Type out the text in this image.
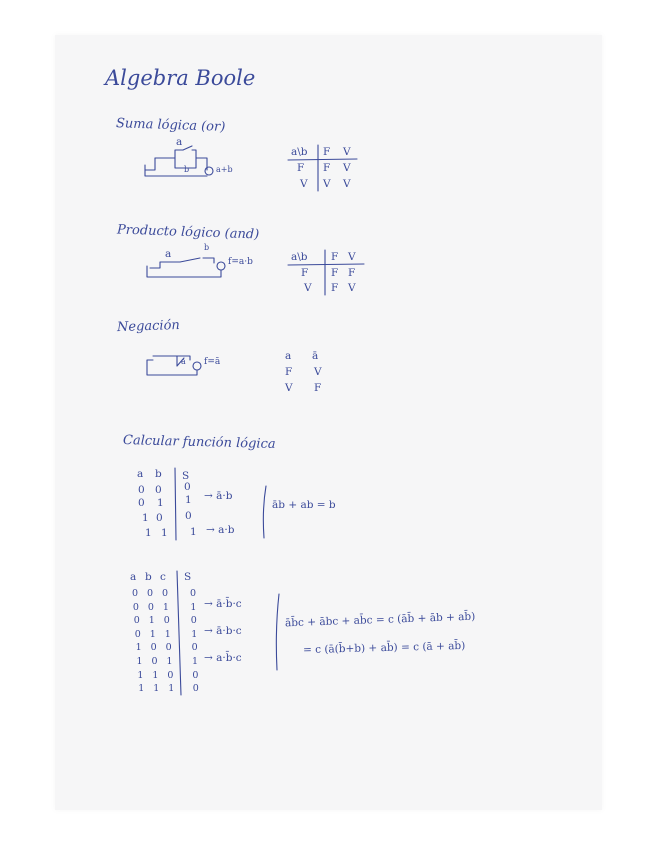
Algebra Boole
Suma lógica (or)
a
b	a+b
a\b F V
F F V
V V V
Producto lógico (and)
a
b
f=a·b	a\b F V
F F F
V F V
Negación
a f=ā	a ā
F V
V F
Calcular función lógica
a b S
0 0 0
0 1 1 → ā·b
1 0 0
1 1 1 → a·b
āb + ab = b
a b c S
0 0 0 0
0 0 1 1
0 1 0 0
0 1 1 1
1 0 0 0
1 0 1 1
1 1 0 0
1 1 1 0
→ ā·b̄·c
→ ā·b·c
→ a·b̄·c
āb̄c + ābc + ab̄c = c (āb̄ + āb + ab̄)
= c (ā(b̄+b) + ab̄) = c (ā + ab̄)
